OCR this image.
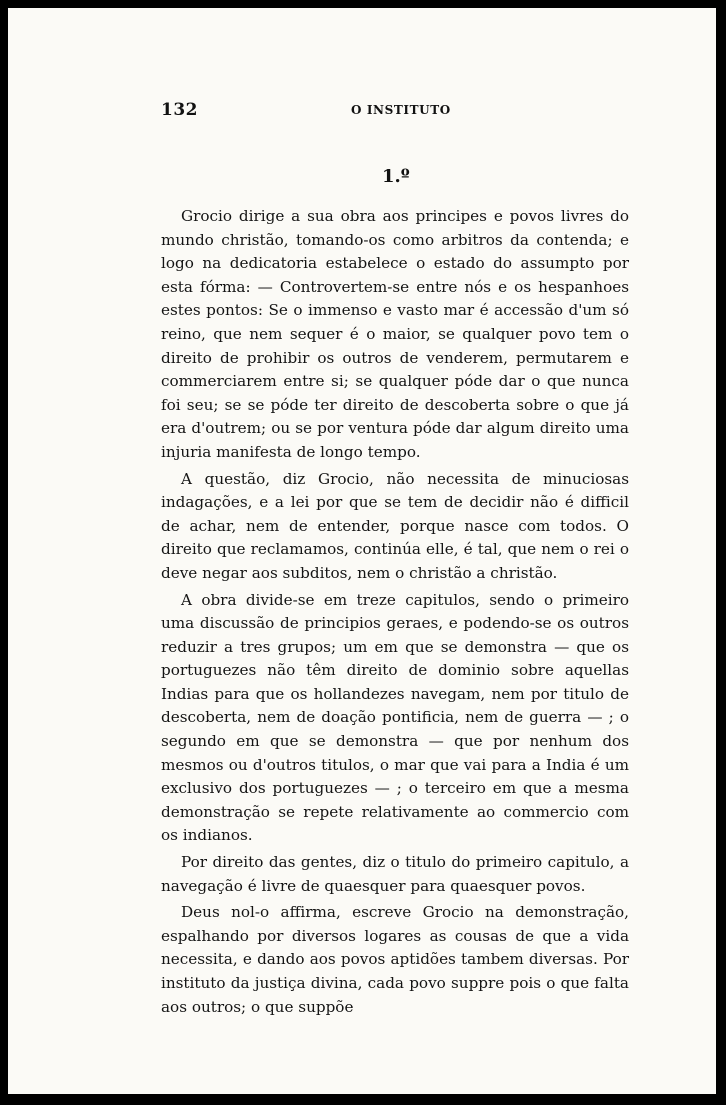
132	O INSTITUTO
1.º

Grocio dirige a sua obra aos principes e povos livres do mundo christão, tomando-os como arbitros da contenda; e logo na dedicatoria estabelece o estado do assumpto por esta fórma: — Controvertem-se entre nós e os hespanhoes estes pontos: Se o immenso e vasto mar é accessão d'um só reino, que nem sequer é o maior, se qualquer povo tem o direito de prohibir os outros de venderem, permutarem e commerciarem entre si; se qualquer póde dar o que nunca foi seu; se se póde ter direito de descoberta sobre o que já era d'outrem; ou se por ventura póde dar algum direito uma injuria manifesta de longo tempo.

A questão, diz Grocio, não necessita de minuciosas indagações, e a lei por que se tem de decidir não é difficil de achar, nem de entender, porque nasce com todos. O direito que reclamamos, continúa elle, é tal, que nem o rei o deve negar aos subditos, nem o christão a christão.

A obra divide-se em treze capitulos, sendo o primeiro uma discussão de principios geraes, e podendo-se os outros reduzir a tres grupos; um em que se demonstra — que os portuguezes não têm direito de dominio sobre aquellas Indias para que os hollandezes navegam, nem por titulo de descoberta, nem de doação pontificia, nem de guerra — ; o segundo em que se demonstra — que por nenhum dos mesmos ou d'outros titulos, o mar que vai para a India é um exclusivo dos portuguezes — ; o terceiro em que a mesma demonstração se repete relativamente ao commercio com os indianos.

Por direito das gentes, diz o titulo do primeiro capitulo, a navegação é livre de quaesquer para quaesquer povos.

Deus nol-o affirma, escreve Grocio na demonstração, espalhando por diversos logares as cousas de que a vida necessita, e dando aos povos aptidões tambem diversas. Por instituto da justiça divina, cada povo suppre pois o que falta aos outros; o que suppõe
